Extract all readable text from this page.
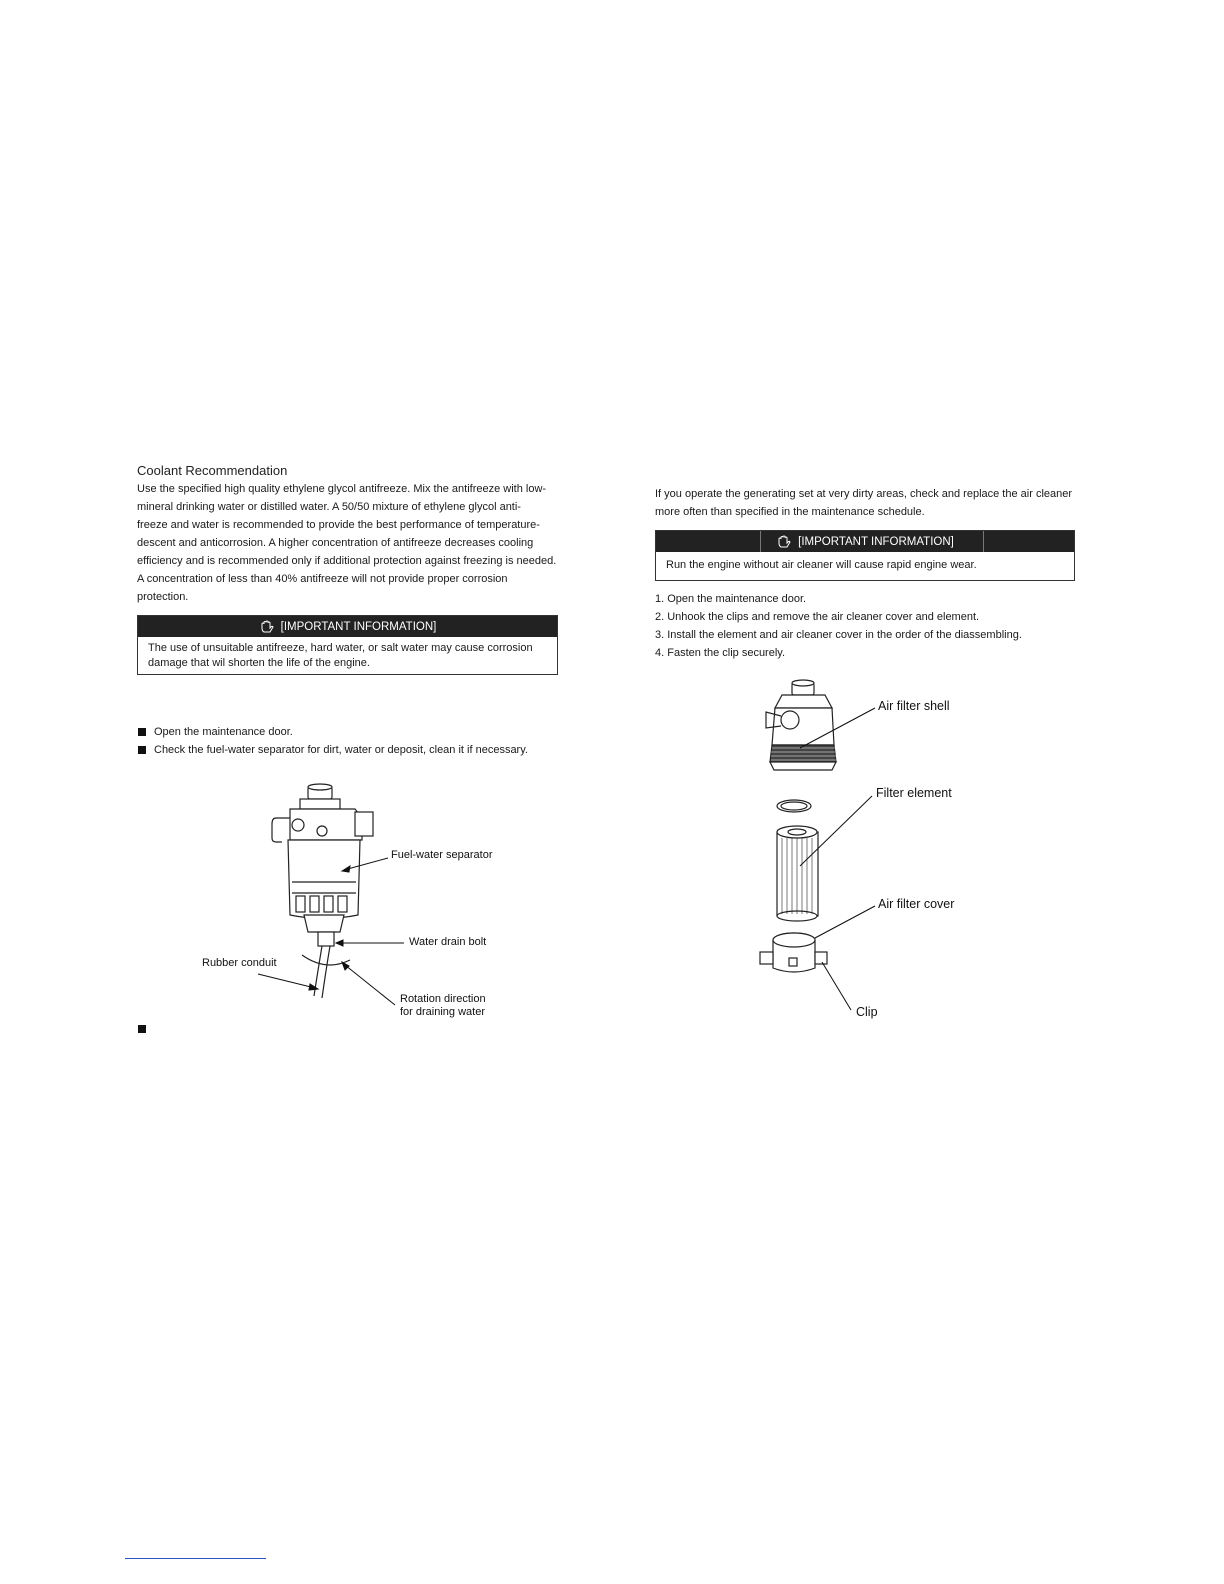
Coolant Recommendation
Use the specified high quality ethylene glycol antifreeze. Mix the antifreeze with low-
mineral drinking water or distilled water. A 50/50 mixture of ethylene glycol anti-
freeze and water is recommended to provide the best performance of temperature-
descent and anticorrosion. A higher concentration of antifreeze decreases cooling
efficiency and is recommended only if additional protection against freezing is needed.
A concentration of less than 40% antifreeze will not provide proper corrosion
protection.
[IMPORTANT INFORMATION]
The use of unsuitable antifreeze, hard water, or salt water may cause corrosion
damage that wil shorten the life of the engine.
Open the maintenance door.
Check the fuel-water separator for dirt, water or deposit, clean it if necessary.
Fuel-water separator
Water drain bolt
Rubber conduit
Rotation direction
for draining water
If you operate the generating set at very dirty areas, check and replace the air cleaner
more often than specified in the maintenance schedule.
[IMPORTANT INFORMATION]
Run the engine without air cleaner will cause rapid engine wear.
1. Open the maintenance door.
2. Unhook the clips and remove the air cleaner cover and element.
3. Install the element and air cleaner cover in the order of the diassembling.
4. Fasten the clip securely.
Air filter shell
Filter element
Air filter cover
Clip
